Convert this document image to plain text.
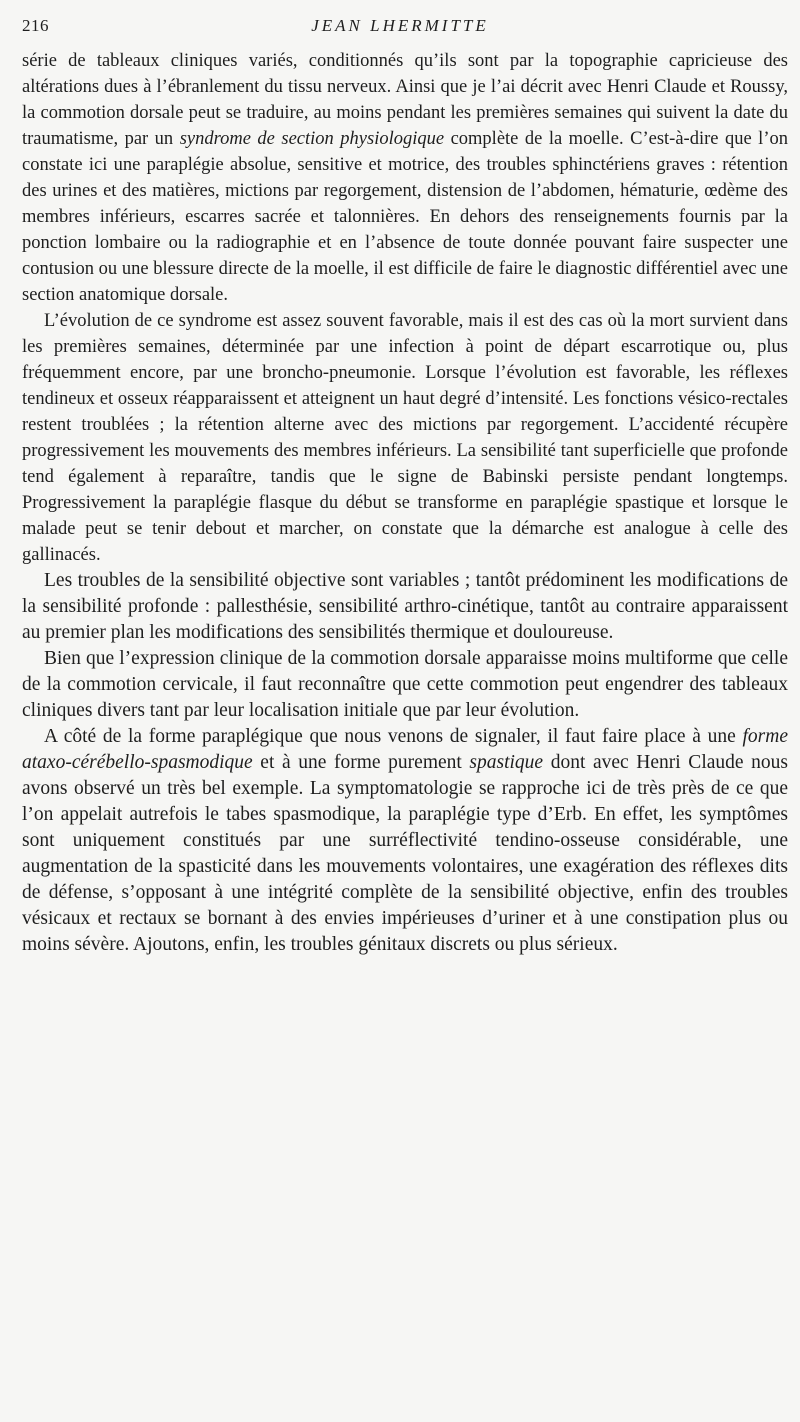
216	JEAN LHERMITTE

série de tableaux cliniques variés, conditionnés qu’ils sont par la topographie capricieuse des altérations dues à l’ébranlement du tissu nerveux. Ainsi que je l’ai décrit avec Henri Claude et Roussy, la commotion dorsale peut se traduire, au moins pendant les premières semaines qui suivent la date du traumatisme, par un syndrome de section physiologique complète de la moelle. C’est-à-dire que l’on constate ici une paraplégie absolue, sensitive et motrice, des troubles sphinctériens graves : rétention des urines et des matières, mictions par regorgement, distension de l’abdomen, hématurie, œdème des membres inférieurs, escarres sacrée et talonnières. En dehors des renseignements fournis par la ponction lombaire ou la radiographie et en l’absence de toute donnée pouvant faire suspecter une contusion ou une blessure directe de la moelle, il est difficile de faire le diagnostic différentiel avec une section anatomique dorsale.

L’évolution de ce syndrome est assez souvent favorable, mais il est des cas où la mort survient dans les premières semaines, déterminée par une infection à point de départ escarrotique ou, plus fréquemment encore, par une broncho-pneumonie. Lorsque l’évolution est favorable, les réflexes tendineux et osseux réapparaissent et atteignent un haut degré d’intensité. Les fonctions vésico-rectales restent troublées ; la rétention alterne avec des mictions par regorgement. L’accidenté récupère progressivement les mouvements des membres inférieurs. La sensibilité tant superficielle que profonde tend également à reparaître, tandis que le signe de Babinski persiste pendant longtemps. Progressivement la paraplégie flasque du début se transforme en paraplégie spastique et lorsque le malade peut se tenir debout et marcher, on constate que la démarche est analogue à celle des gallinacés.

Les troubles de la sensibilité objective sont variables ; tantôt prédominent les modifications de la sensibilité profonde : pallesthésie, sensibilité arthro-cinétique, tantôt au contraire apparaissent au premier plan les modifications des sensibilités thermique et douloureuse.

Bien que l’expression clinique de la commotion dorsale apparaisse moins multiforme que celle de la commotion cervicale, il faut reconnaître que cette commotion peut engendrer des tableaux cliniques divers tant par leur localisation initiale que par leur évolution.

A côté de la forme paraplégique que nous venons de signaler, il faut faire place à une forme ataxo-cérébello-spasmodique et à une forme purement spastique dont avec Henri Claude nous avons observé un très bel exemple. La symptomatologie se rapproche ici de très près de ce que l’on appelait autrefois le tabes spasmodique, la paraplégie type d’Erb. En effet, les symptômes sont uniquement constitués par une surréflectivité tendino-osseuse considérable, une augmentation de la spasticité dans les mouvements volontaires, une exagération des réflexes dits de défense, s’opposant à une intégrité complète de la sensibilité objective, enfin des troubles vésicaux et rectaux se bornant à des envies impérieuses d’uriner et à une constipation plus ou moins sévère. Ajoutons, enfin, les troubles génitaux discrets ou plus sérieux.
